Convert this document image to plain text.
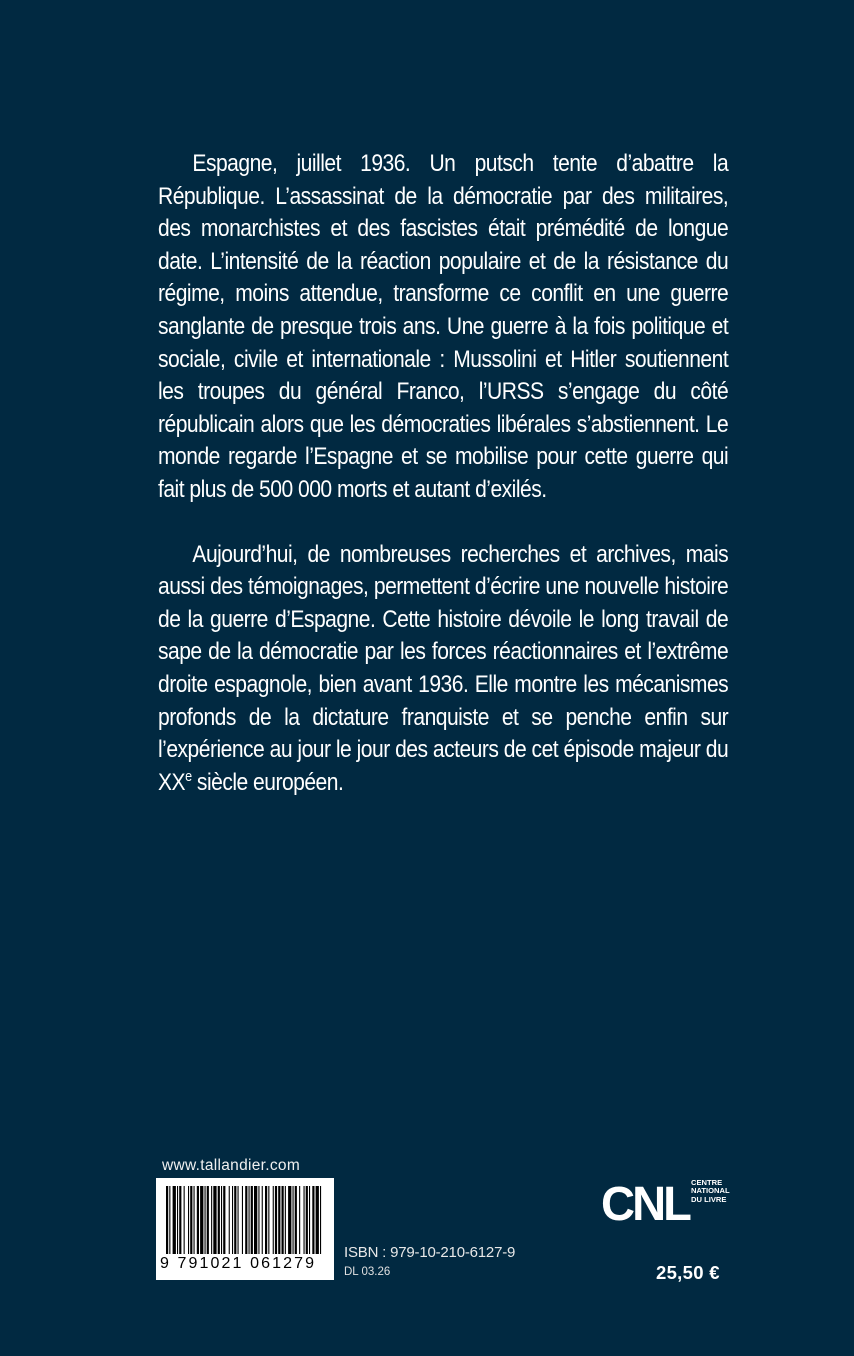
Espagne, juillet 1936. Un putsch tente d’abattre la République. L’assassinat de la démocratie par des militaires, des monarchistes et des fascistes était prémédité de longue date. L’intensité de la réaction populaire et de la résistance du régime, moins attendue, transforme ce conflit en une guerre sanglante de presque trois ans. Une guerre à la fois politique et sociale, civile et internationale : Mussolini et Hitler soutiennent les troupes du général Franco, l’URSS s’engage du côté républicain alors que les démocraties libérales s’abstiennent. Le monde regarde l’Espagne et se mobilise pour cette guerre qui fait plus de 500 000 morts et autant d’exilés.

Aujourd’hui, de nombreuses recherches et archives, mais aussi des témoignages, permettent d’écrire une nouvelle histoire de la guerre d’Espagne. Cette histoire dévoile le long travail de sape de la démocratie par les forces réactionnaires et l’extrême droite espagnole, bien avant 1936. Elle montre les mécanismes profonds de la dictature franquiste et se penche enfin sur l’expérience au jour le jour des acteurs de cet épisode majeur du XXe siècle européen.

www.tallandier.com
9 791021 061279
ISBN : 979-10-210-6127-9
DL 03.26
CNL CENTRE
NATIONAL
DU LIVRE
25,50 €
